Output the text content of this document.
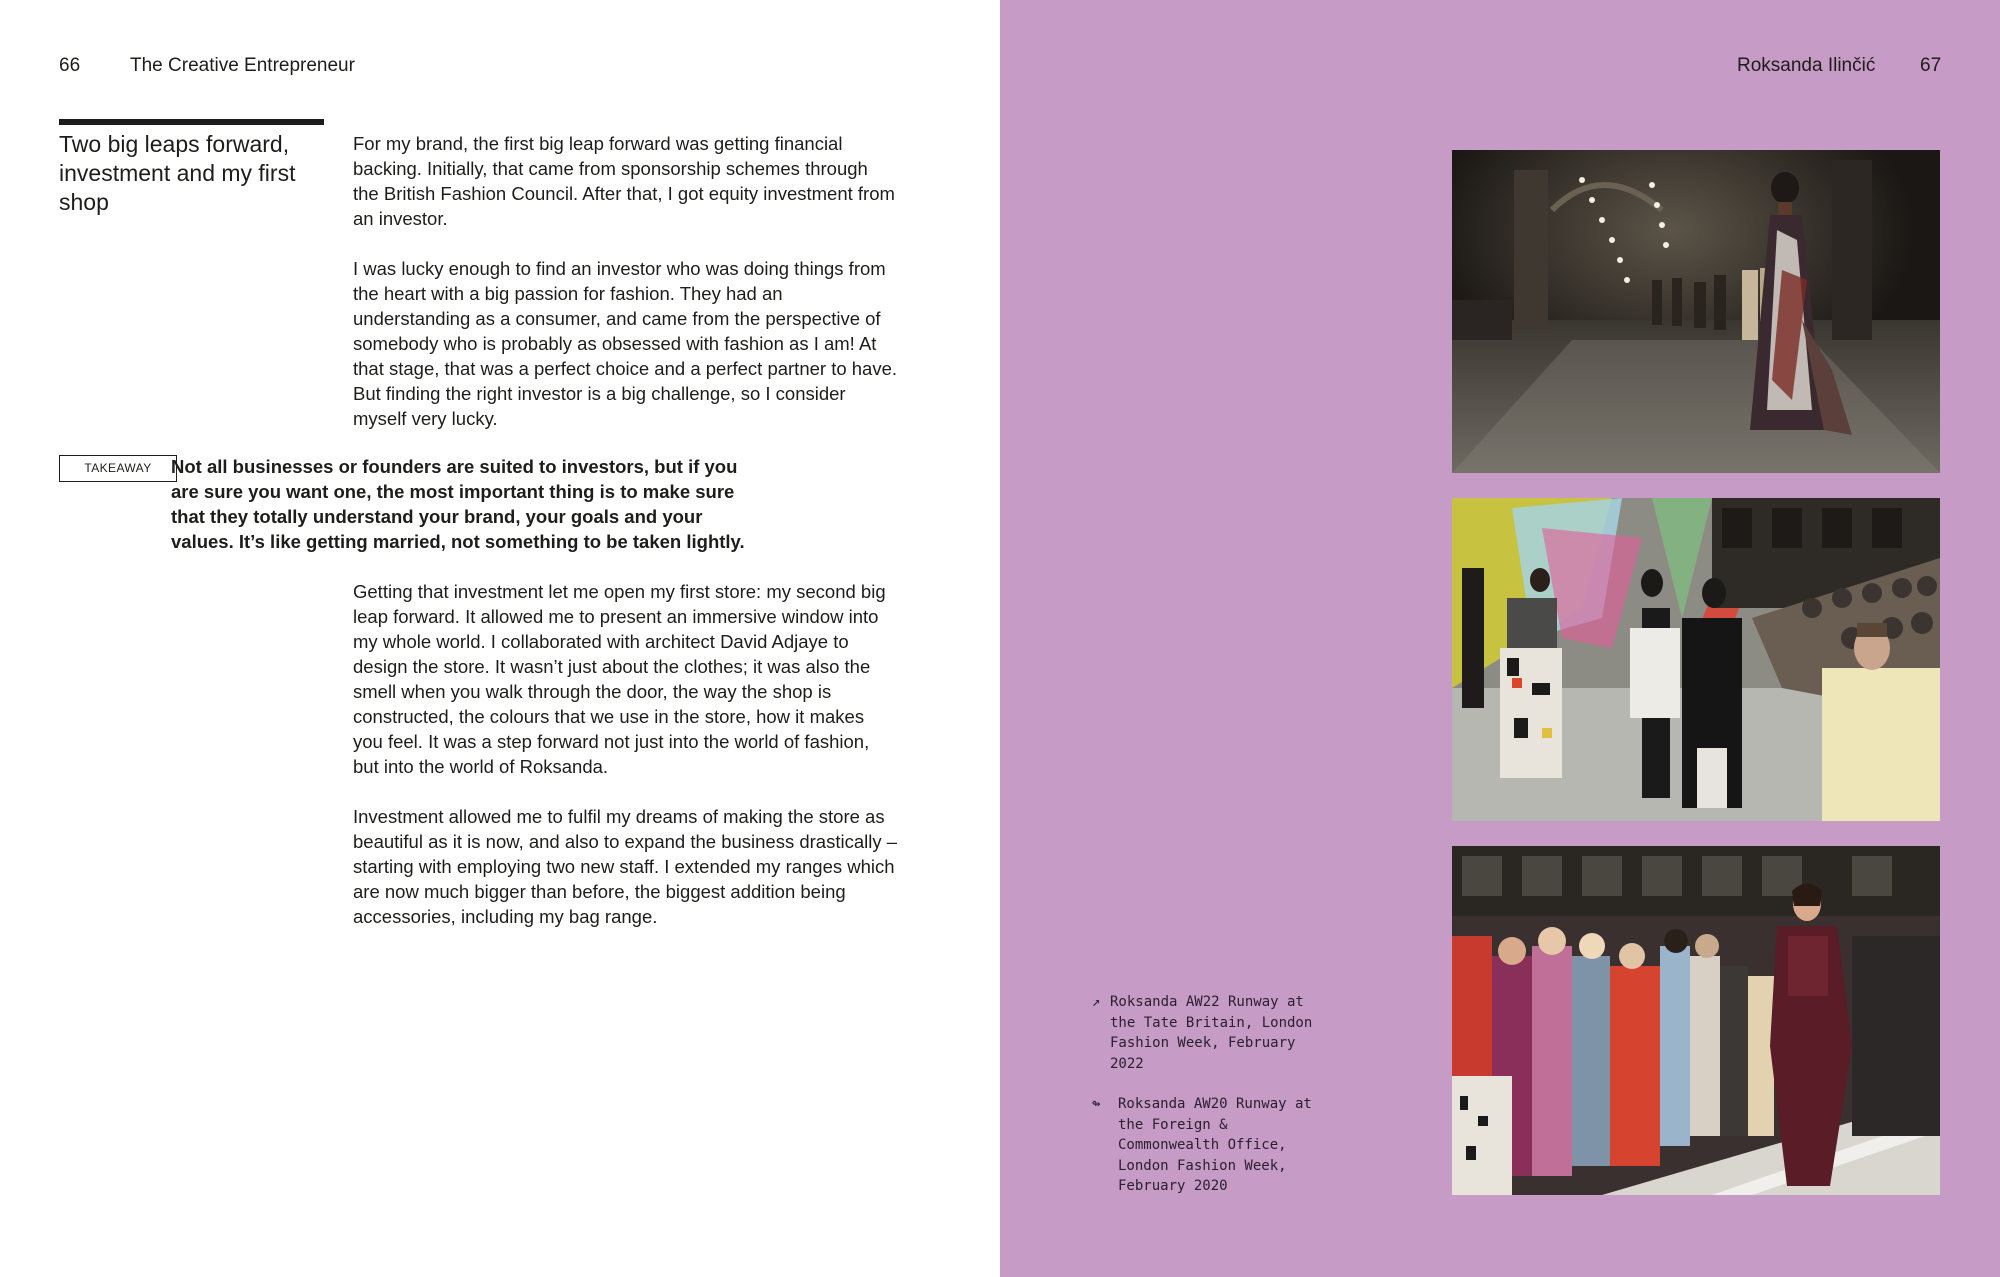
66	The Creative Entrepreneur
Two big leaps forward, investment and my first shop

For my brand, the first big leap forward was getting financial backing. Initially, that came from sponsorship schemes through the British Fashion Council. After that, I got equity investment from an investor.

I was lucky enough to find an investor who was doing things from the heart with a big passion for fashion. They had an understanding as a consumer, and came from the perspective of somebody who is probably as obsessed with fashion as I am! At that stage, that was a perfect choice and a perfect partner to have. But finding the right investor is a big challenge, so I consider myself very lucky.

TAKEAWAY	Not all businesses or founders are suited to investors, but if you are sure you want one, the most important thing is to make sure that they totally understand your brand, your goals and your values. It’s like getting married, not something to be taken lightly.

Getting that investment let me open my first store: my second big leap forward. It allowed me to present an immersive window into my whole world. I collaborated with architect David Adjaye to design the store. It wasn’t just about the clothes; it was also the smell when you walk through the door, the way the shop is constructed, the colours that we use in the store, how it makes you feel. It was a step forward not just into the world of fashion, but into the world of Roksanda.

Investment allowed me to fulfil my dreams of making the store as beautiful as it is now, and also to expand the business drastically – starting with employing two new staff. I extended my ranges which are now much bigger than before, the biggest addition being accessories, including my bag range.

Roksanda Ilinčić 67
↗ Roksanda AW22 Runway at the Tate Britain, London Fashion Week, February 2022
↬ Roksanda AW20 Runway at the Foreign & Commonwealth Office, London Fashion Week, February 2020
